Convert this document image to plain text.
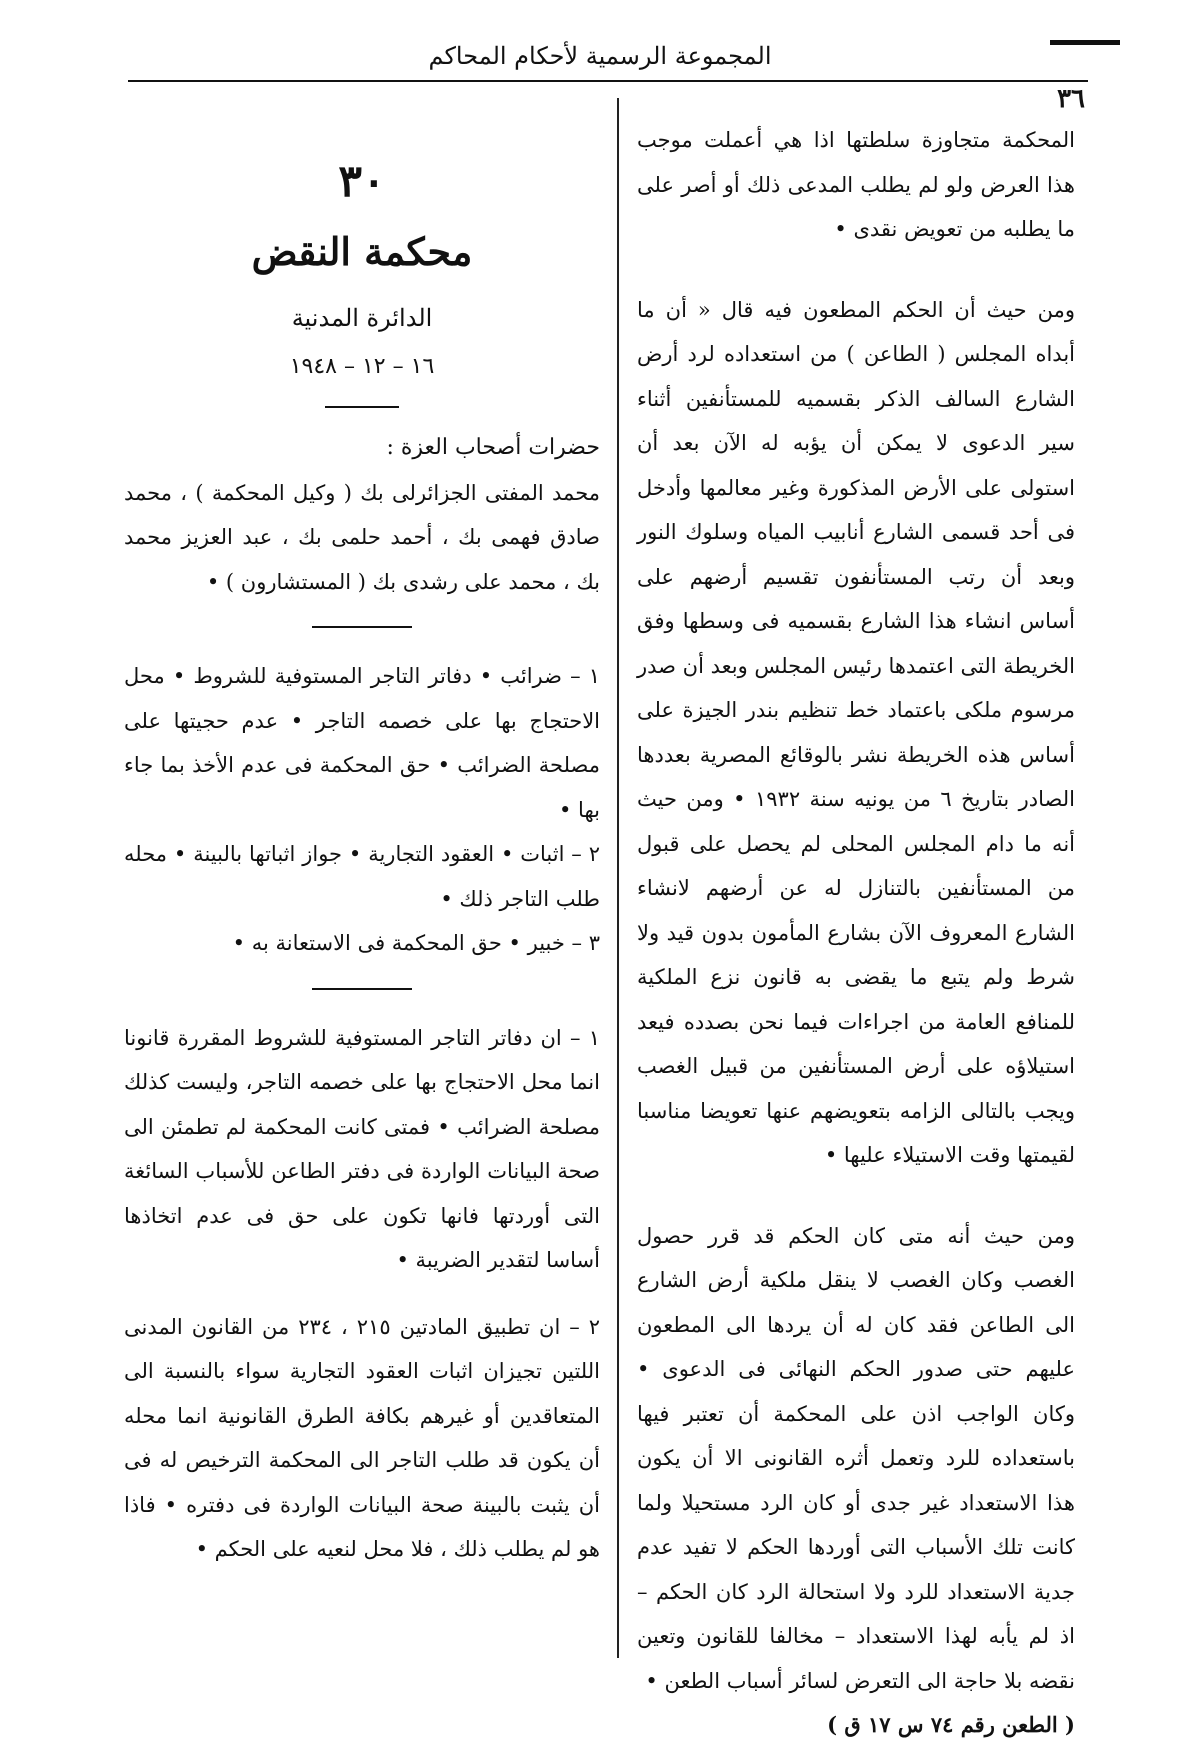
المجموعة الرسمية لأحكام المحاكم
٣٦

المحكمة متجاوزة سلطتها اذا هي أعملت موجب هذا العرض ولو لم يطلب المدعى ذلك أو أصر على ما يطلبه من تعويض نقدى •

ومن حيث أن الحكم المطعون فيه قال « أن ما أبداه المجلس ( الطاعن ) من استعداده لرد أرض الشارع السالف الذكر بقسميه للمستأنفين أثناء سير الدعوى لا يمكن أن يؤبه له الآن بعد أن استولى على الأرض المذكورة وغير معالمها وأدخل فى أحد قسمى الشارع أنابيب المياه وسلوك النور وبعد أن رتب المستأنفون تقسيم أرضهم على أساس انشاء هذا الشارع بقسميه فى وسطها وفق الخريطة التى اعتمدها رئيس المجلس وبعد أن صدر مرسوم ملكى باعتماد خط تنظيم بندر الجيزة على أساس هذه الخريطة نشر بالوقائع المصرية بعددها الصادر بتاريخ ٦ من يونيه سنة ١٩٣٢ • ومن حيث أنه ما دام المجلس المحلى لم يحصل على قبول من المستأنفين بالتنازل له عن أرضهم لانشاء الشارع المعروف الآن بشارع المأمون بدون قيد ولا شرط ولم يتبع ما يقضى به قانون نزع الملكية للمنافع العامة من اجراءات فيما نحن بصدده فيعد استيلاؤه على أرض المستأنفين من قبيل الغصب ويجب بالتالى الزامه بتعويضهم عنها تعويضا مناسبا لقيمتها وقت الاستيلاء عليها •

ومن حيث أنه متى كان الحكم قد قرر حصول الغصب وكان الغصب لا ينقل ملكية أرض الشارع الى الطاعن فقد كان له أن يردها الى المطعون عليهم حتى صدور الحكم النهائى فى الدعوى • وكان الواجب اذن على المحكمة أن تعتبر فيها باستعداده للرد وتعمل أثره القانونى الا أن يكون هذا الاستعداد غير جدى أو كان الرد مستحيلا ولما كانت تلك الأسباب التى أوردها الحكم لا تفيد عدم جدية الاستعداد للرد ولا استحالة الرد كان الحكم – اذ لم يأبه لهذا الاستعداد – مخالفا للقانون وتعين نقضه بلا حاجة الى التعرض لسائر أسباب الطعن •

( الطعن رقم ٧٤ س ١٧ ق )

٣٠
محكمة النقض
الدائرة المدنية
١٦ – ١٢ – ١٩٤٨

حضرات أصحاب العزة :

محمد المفتى الجزائرلى بك ( وكيل المحكمة ) ، محمد صادق فهمى بك ، أحمد حلمى بك ، عبد العزيز محمد بك ، محمد على رشدى بك ( المستشارون ) •

١ – ضرائب • دفاتر التاجر المستوفية للشروط • محل الاحتجاج بها على خصمه التاجر • عدم حجيتها على مصلحة الضرائب • حق المحكمة فى عدم الأخذ بما جاء بها •

٢ – اثبات • العقود التجارية • جواز اثباتها بالبينة • محله طلب التاجر ذلك •

٣ – خبير • حق المحكمة فى الاستعانة به •

١ – ان دفاتر التاجر المستوفية للشروط المقررة قانونا انما محل الاحتجاج بها على خصمه التاجر، وليست كذلك مصلحة الضرائب • فمتى كانت المحكمة لم تطمئن الى صحة البيانات الواردة فى دفتر الطاعن للأسباب السائغة التى أوردتها فانها تكون على حق فى عدم اتخاذها أساسا لتقدير الضريبة •

٢ – ان تطبيق المادتين ٢١٥ ، ٢٣٤ من القانون المدنى اللتين تجيزان اثبات العقود التجارية سواء بالنسبة الى المتعاقدين أو غيرهم بكافة الطرق القانونية انما محله أن يكون قد طلب التاجر الى المحكمة الترخيص له فى أن يثبت بالبينة صحة البيانات الواردة فى دفتره • فاذا هو لم يطلب ذلك ، فلا محل لنعيه على الحكم •
